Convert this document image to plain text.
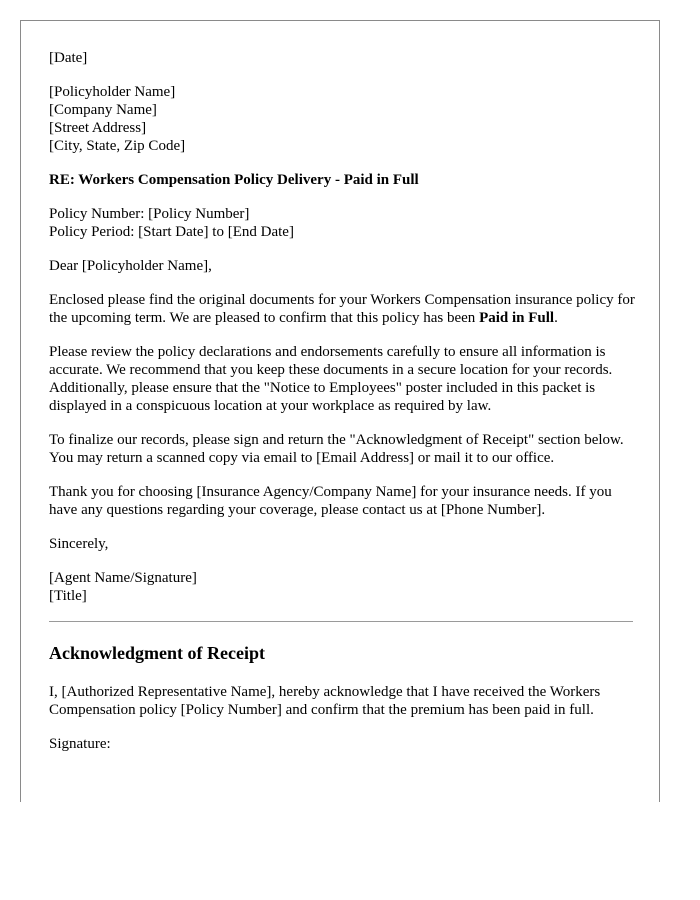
[Date]

[Policyholder Name]
[Company Name]
[Street Address]
[City, State, Zip Code]

RE: Workers Compensation Policy Delivery - Paid in Full

Policy Number: [Policy Number]
Policy Period: [Start Date] to [End Date]

Dear [Policyholder Name],

Enclosed please find the original documents for your Workers Compensation insurance policy for the upcoming term. We are pleased to confirm that this policy has been Paid in Full.

Please review the policy declarations and endorsements carefully to ensure all information is accurate. We recommend that you keep these documents in a secure location for your records. Additionally, please ensure that the "Notice to Employees" poster included in this packet is displayed in a conspicuous location at your workplace as required by law.

To finalize our records, please sign and return the "Acknowledgment of Receipt" section below. You may return a scanned copy via email to [Email Address] or mail it to our office.

Thank you for choosing [Insurance Agency/Company Name] for your insurance needs. If you have any questions regarding your coverage, please contact us at [Phone Number].

Sincerely,

[Agent Name/Signature]
[Title]

Acknowledgment of Receipt

I, [Authorized Representative Name], hereby acknowledge that I have received the Workers Compensation policy [Policy Number] and confirm that the premium has been paid in full.

Signature:
